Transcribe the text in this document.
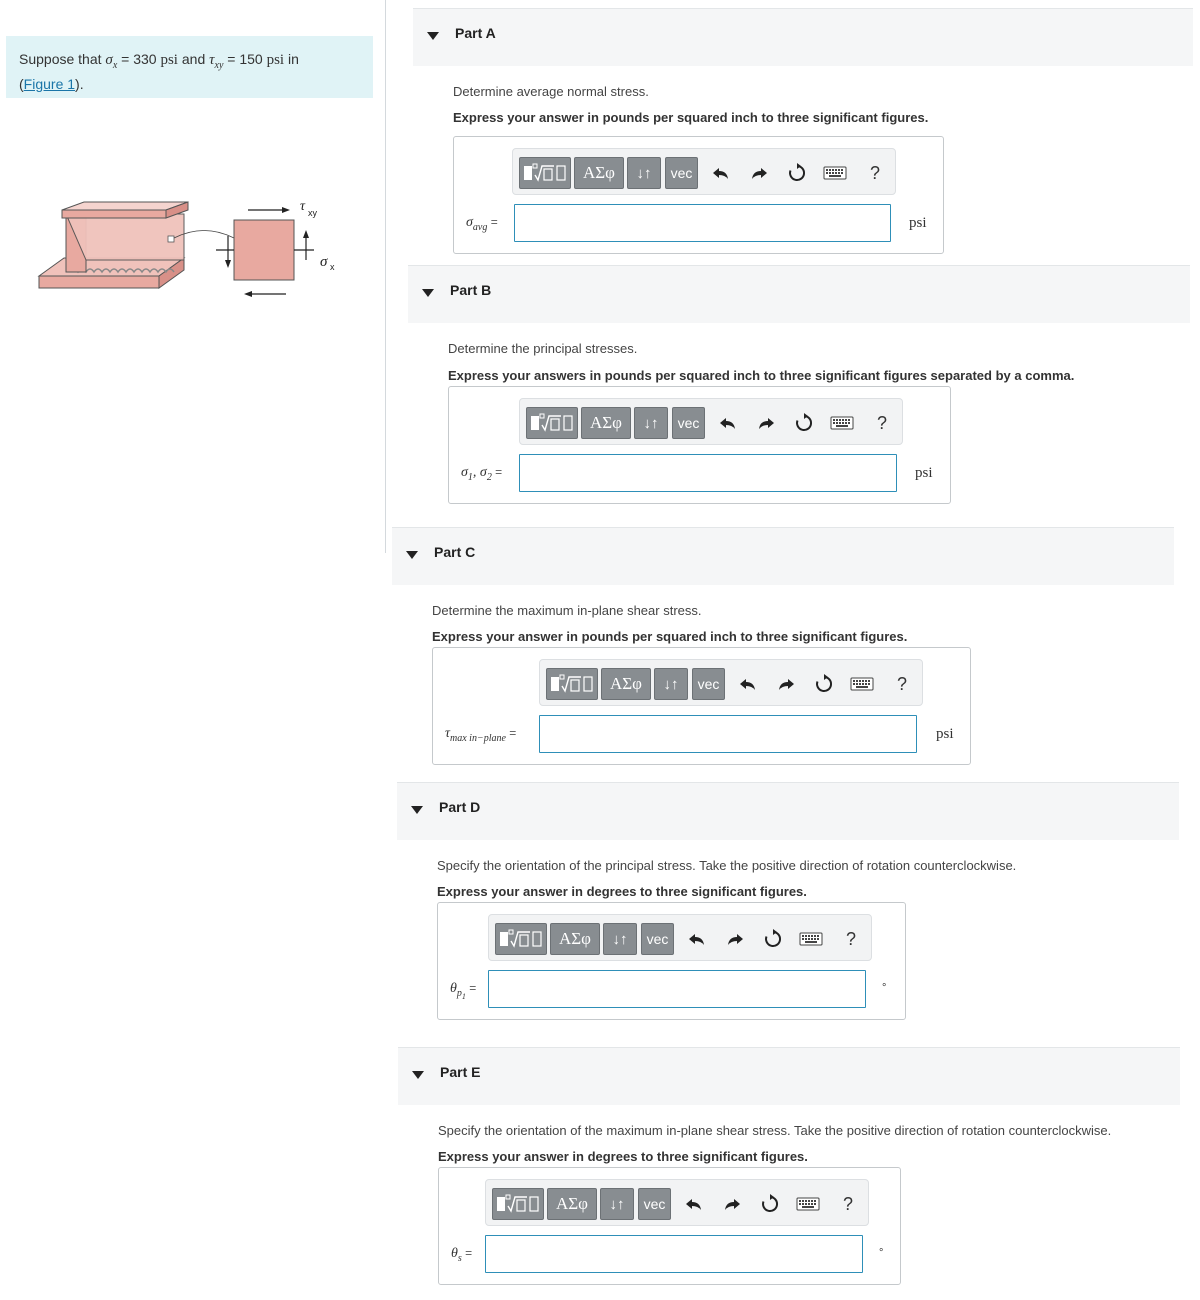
Suppose that $\sigma_x = 330$ psi and $\tau_{xy} = 150$ psi in
(Figure 1).
τ xy
σ x
Part A
Determine average normal stress.
Express your answer in pounds per squared inch to three significant figures.
ΑΣφ	↓↑	vec	?
$\sigma_{avg}$ =	psi
Part B
Determine the principal stresses.
Express your answers in pounds per squared inch to three significant figures separated by a comma.
ΑΣφ	↓↑	vec	?
$\sigma_1$, $\sigma_2$ =	psi
Part C
Determine the maximum in-plane shear stress.
Express your answer in pounds per squared inch to three significant figures.
ΑΣφ	↓↑	vec	?
$\tau_{max in-plane}$ =	psi
Part D
Specify the orientation of the principal stress. Take the positive direction of rotation counterclockwise.
Express your answer in degrees to three significant figures.
ΑΣφ	↓↑	vec	?
$\theta_{p_1}$ =	°
Part E
Specify the orientation of the maximum in-plane shear stress. Take the positive direction of rotation counterclockwise.
Express your answer in degrees to three significant figures.
ΑΣφ	↓↑	vec	?
$\theta_s$ =	°
